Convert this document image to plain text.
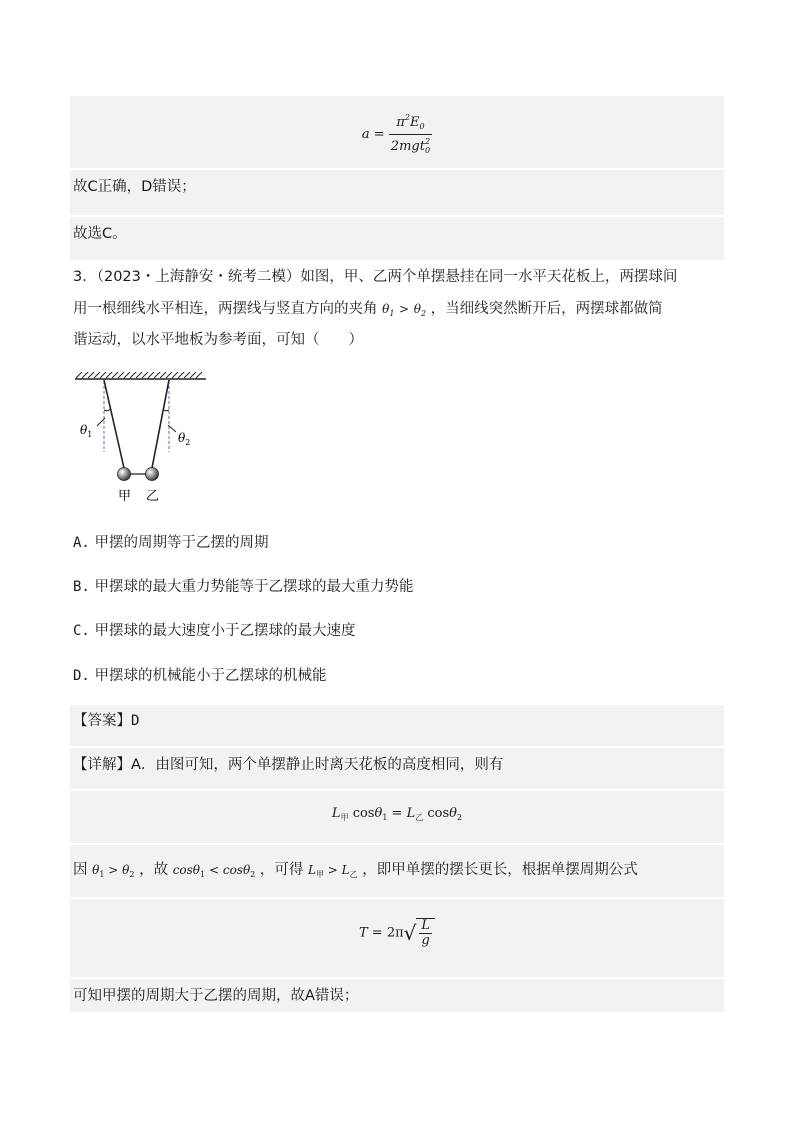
$a = \frac{\pi^2E_0}{2mgt^2_0}$
故C正确，D错误；
故选C。
3．（2023・上海静安・统考二模）如图，甲、乙两个单摆悬挂在同一水平天花板上，两摆球间
用一根细线水平相连，两摆线与竖直方向的夹角 $\theta_1 > \theta_2$ ，当细线突然断开后，两摆球都做简
谐运动，以水平地板为参考面，可知（　　）
$\theta_1$	$\theta_2$
甲 乙
A. 甲摆的周期等于乙摆的周期
B. 甲摆球的最大重力势能等于乙摆球的最大重力势能
C. 甲摆球的最大速度小于乙摆球的最大速度
D. 甲摆球的机械能小于乙摆球的机械能
【答案】D
【详解】A．由图可知，两个单摆静止时离天花板的高度相同，则有
$L_甲$ $\cos\theta_1 = L_乙$ cosθ$_2$
因 $\theta_1 > \theta_2$ ，故 cosθ$_1$ < cosθ$_2$ ，可得 $L_甲 > L_乙$ ，即甲单摆的摆长更长，根据单摆周期公式
$T = 2\pi√ \frac{L}{g}$
可知甲摆的周期大于乙摆的周期，故A错误；
